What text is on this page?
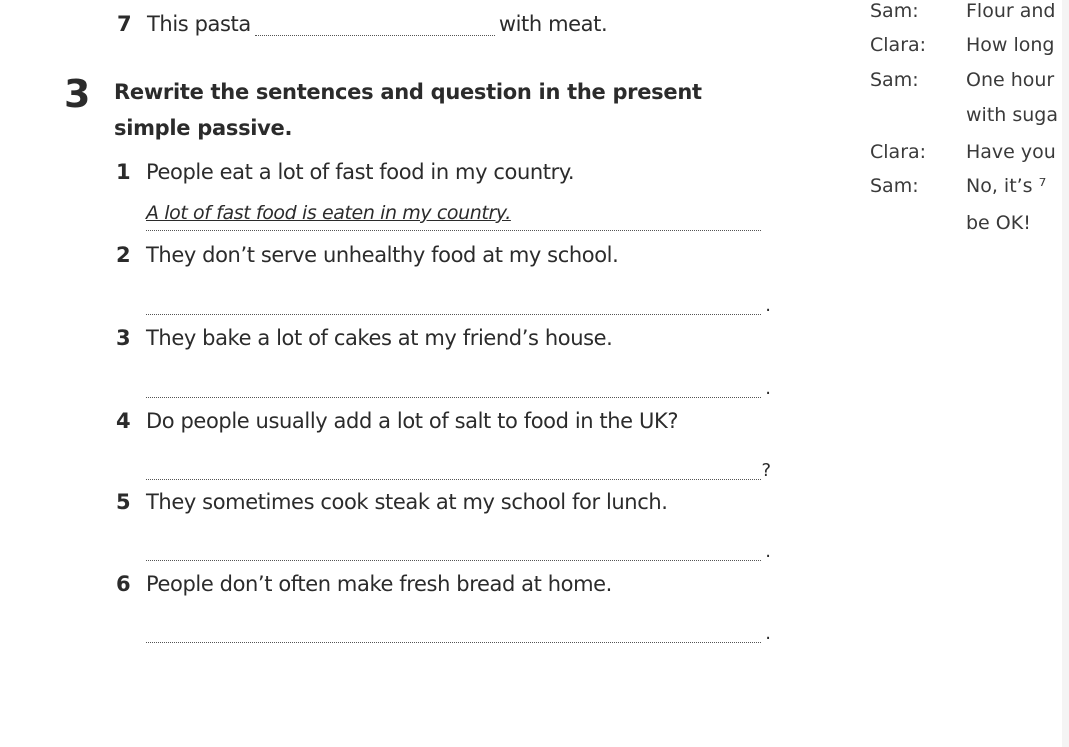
7 This pasta	with meat.
3 Rewrite the sentences and question in the present simple passive.
1 People eat a lot of fast food in my country.
A lot of fast food is eaten in my country.
2 They don’t serve unhealthy food at my school.
.
3 They bake a lot of cakes at my friend’s house.
.
4 Do people usually add a lot of salt to food in the UK?
?
5 They sometimes cook steak at my school for lunch.
.
6 People don’t often make fresh bread at home.
.
Sam: Flour and
Clara: How long
Sam: One hour
with suga
Clara: Have you
Sam: No, it’s ⁷
be OK!
